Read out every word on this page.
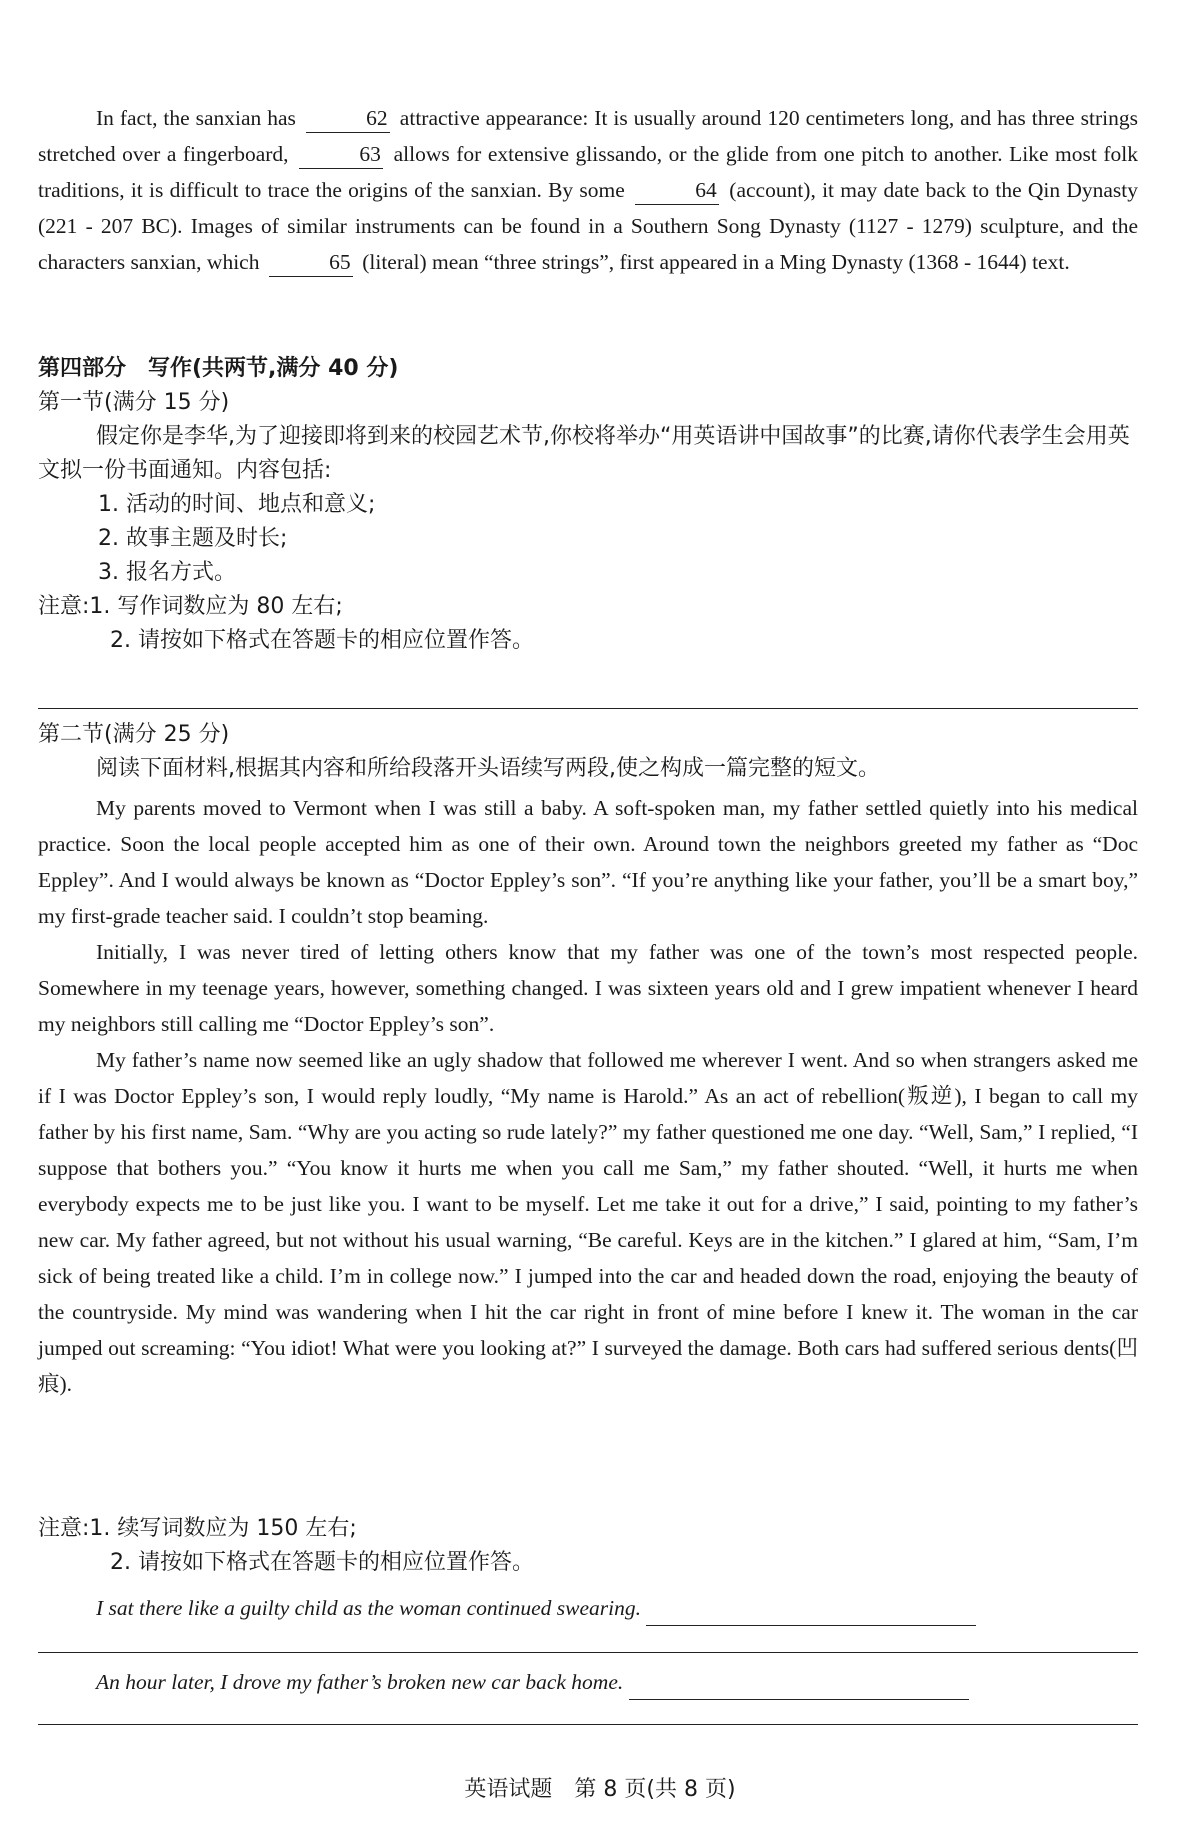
In fact, the sanxian has	62 attractive appearance: It is usually around 120 centimeters long, and has three strings stretched over a fingerboard,	63 allows for extensive glissando, or the glide from one pitch to another. Like most folk traditions, it is difficult to trace the origins of the sanxian. By some	64 (account), it may date back to the Qin Dynasty (221 - 207 BC). Images of similar instruments can be found in a Southern Song Dynasty (1127 - 1279) sculpture, and the characters sanxian, which	65 (literal) mean “three strings”, first appeared in a Ming Dynasty (1368 - 1644) text.

第四部分　写作(共两节,满分 40 分)
第一节(满分 15 分)
假定你是李华,为了迎接即将到来的校园艺术节,你校将举办“用英语讲中国故事”的比赛,请你代表学生会用英文拟一份书面通知。内容包括:
1. 活动的时间、地点和意义;
2. 故事主题及时长;
3. 报名方式。
注意:1. 写作词数应为 80 左右;
2. 请按如下格式在答题卡的相应位置作答。
第二节(满分 25 分)
阅读下面材料,根据其内容和所给段落开头语续写两段,使之构成一篇完整的短文。

My parents moved to Vermont when I was still a baby. A soft-spoken man, my father settled quietly into his medical practice. Soon the local people accepted him as one of their own. Around town the neighbors greeted my father as “Doc Eppley”. And I would always be known as “Doctor Eppley’s son”. “If you’re anything like your father, you’ll be a smart boy,” my first-grade teacher said. I couldn’t stop beaming.

Initially, I was never tired of letting others know that my father was one of the town’s most respected people. Somewhere in my teenage years, however, something changed. I was sixteen years old and I grew impatient whenever I heard my neighbors still calling me “Doctor Eppley’s son”.

My father’s name now seemed like an ugly shadow that followed me wherever I went. And so when strangers asked me if I was Doctor Eppley’s son, I would reply loudly, “My name is Harold.” As an act of rebellion(叛逆), I began to call my father by his first name, Sam. “Why are you acting so rude lately?” my father questioned me one day. “Well, Sam,” I replied, “I suppose that bothers you.” “You know it hurts me when you call me Sam,” my father shouted. “Well, it hurts me when everybody expects me to be just like you. I want to be myself. Let me take it out for a drive,” I said, pointing to my father’s new car. My father agreed, but not without his usual warning, “Be careful. Keys are in the kitchen.” I glared at him, “Sam, I’m sick of being treated like a child. I’m in college now.” I jumped into the car and headed down the road, enjoying the beauty of the countryside. My mind was wandering when I hit the car right in front of mine before I knew it. The woman in the car jumped out screaming: “You idiot! What were you looking at?” I surveyed the damage. Both cars had suffered serious dents(凹痕).

注意:1. 续写词数应为 150 左右;
2. 请按如下格式在答题卡的相应位置作答。
I sat there like a guilty child as the woman continued swearing.
An hour later, I drove my father’s broken new car back home.
英语试题　第 8 页(共 8 页)
